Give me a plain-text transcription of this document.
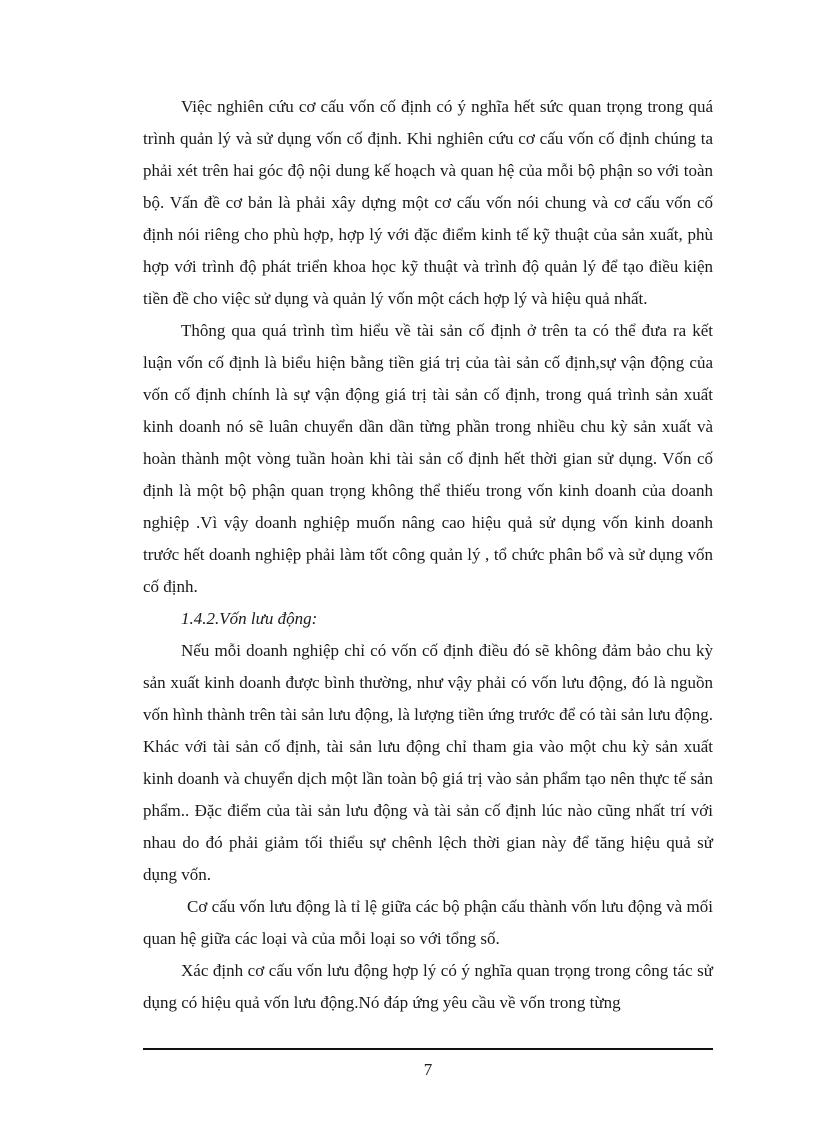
Việc nghiên cứu cơ cấu vốn cố định có ý nghĩa hết sức quan trọng trong quá trình quản lý và sử dụng vốn cố định. Khi nghiên cứu cơ cấu vốn cố định chúng ta phải xét trên hai góc độ nội dung kế hoạch và quan hệ của mỗi bộ phận so với toàn bộ. Vấn đề cơ bản là phải xây dựng một cơ cấu vốn nói chung và cơ cấu vốn cố định nói riêng cho phù hợp, hợp lý với đặc điểm kinh tế kỹ thuật của sản xuất, phù hợp với trình độ phát triển khoa học kỹ thuật và trình độ quản lý để tạo điều kiện tiền đề cho việc sử dụng và quản lý vốn một cách hợp lý và hiệu quả nhất.

Thông qua quá trình tìm hiểu về tài sản cố định ở trên ta có thể đưa ra kết luận vốn cố định là biểu hiện bằng tiền giá trị của tài sản cố định,sự vận động của vốn cố định chính là sự vận động giá trị tài sản cố định, trong quá trình sản xuất kinh doanh nó sẽ luân chuyển dần dần từng phần trong nhiều chu kỳ sản xuất và hoàn thành một vòng tuần hoàn khi tài sản cố định hết thời gian sử dụng. Vốn cố định là một bộ phận quan trọng không thể thiếu trong vốn kinh doanh của doanh nghiệp .Vì vậy doanh nghiệp muốn nâng cao hiệu quả sử dụng vốn kinh doanh trước hết doanh nghiệp phải làm tốt công quản lý , tổ chức phân bổ và sử dụng vốn cố định.

1.4.2.Vốn lưu động:

Nếu mỗi doanh nghiệp chỉ có vốn cố định điều đó sẽ không đảm bảo chu kỳ sản xuất kinh doanh được bình thường, như vậy phải có vốn lưu động, đó là nguồn vốn hình thành trên tài sản lưu động, là lượng tiền ứng trước để có tài sản lưu động. Khác với tài sản cố định, tài sản lưu động chỉ tham gia vào một chu kỳ sản xuất kinh doanh và chuyển dịch một lần toàn bộ giá trị vào sản phẩm tạo nên thực tế sản phẩm.. Đặc điểm của tài sản lưu động và tài sản cố định lúc nào cũng nhất trí với nhau do đó phải giảm tối thiểu sự chênh lệch thời gian này để tăng hiệu quả sử dụng vốn.

Cơ cấu vốn lưu động là tỉ lệ giữa các bộ phận cấu thành vốn lưu động và mối quan hệ giữa các loại và của mỗi loại so với tổng số.

Xác định cơ cấu vốn lưu động hợp lý có ý nghĩa quan trọng trong công tác sử dụng có hiệu quả vốn lưu động.Nó đáp ứng yêu cầu về vốn trong từng

7
